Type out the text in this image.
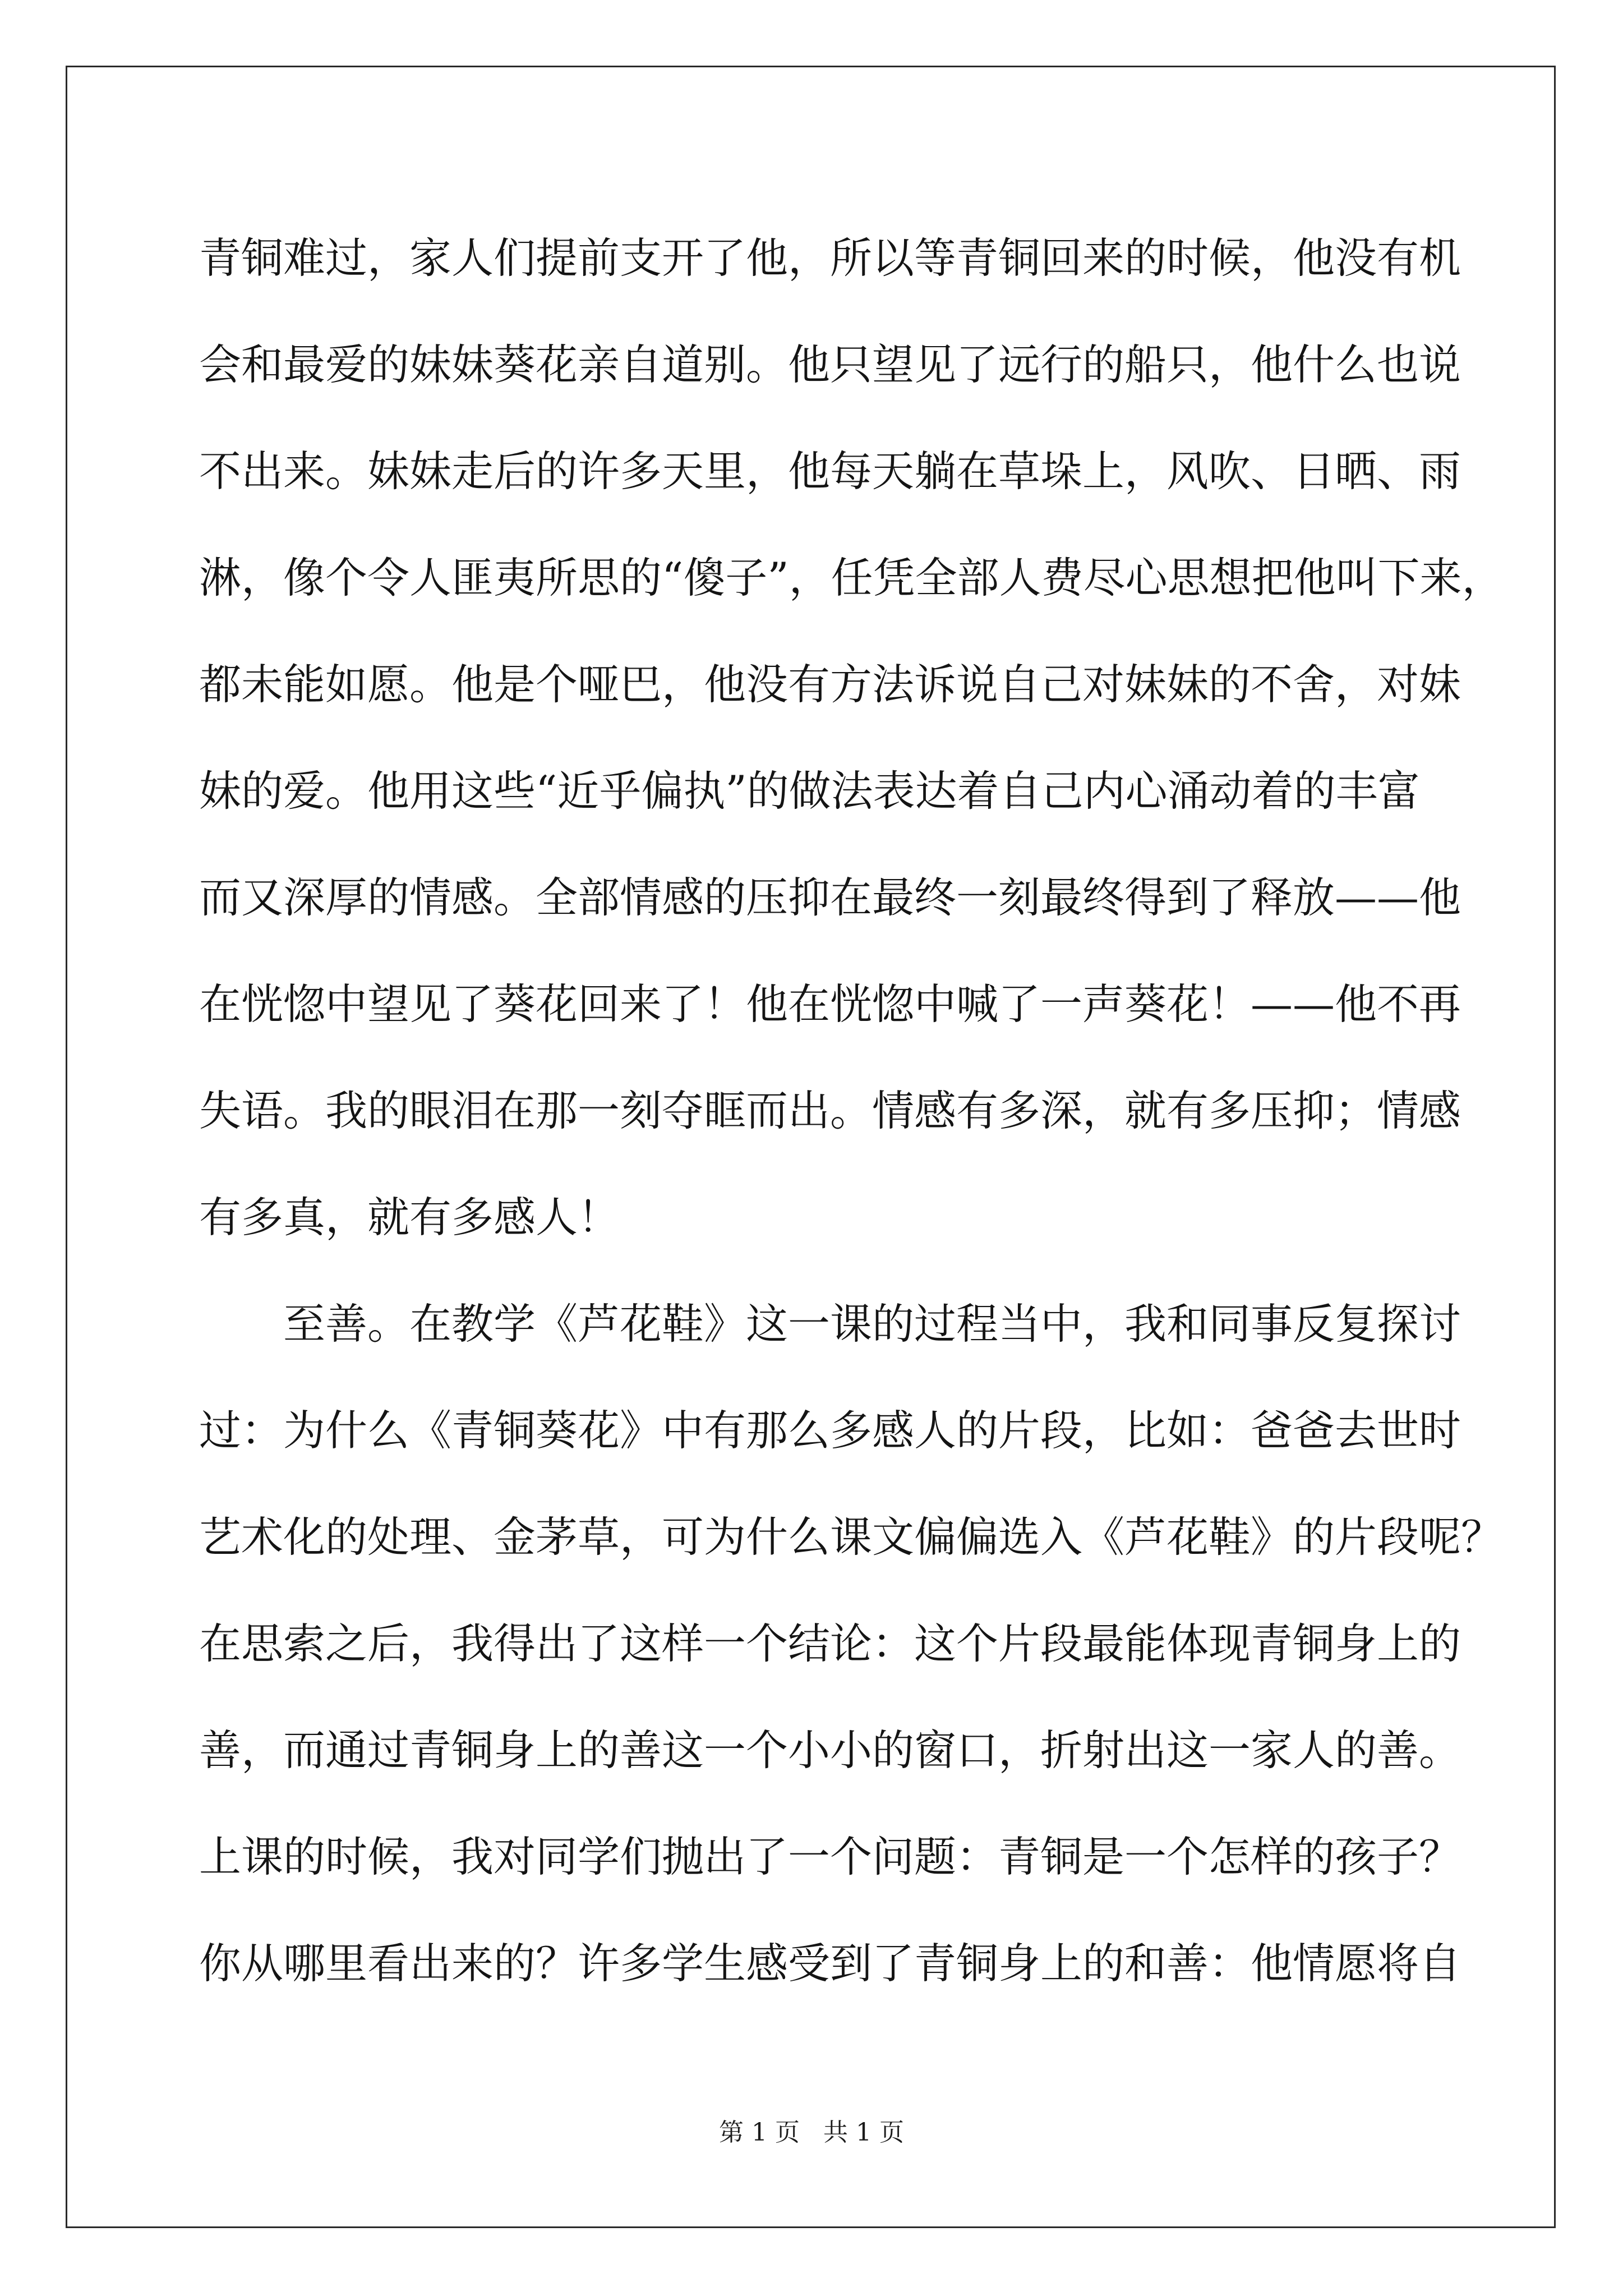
青铜难过，家人们提前支开了他，所以等青铜回来的时候，他没有机
会和最爱的妹妹葵花亲自道别。他只望见了远行的船只，他什么也说
不出来。妹妹走后的许多天里，他每天躺在草垛上，风吹、日晒、雨
淋，像个令人匪夷所思的“傻子”，任凭全部人费尽心思想把他叫下来，
都未能如愿。他是个哑巴，他没有方法诉说自己对妹妹的不舍，对妹
妹的爱。他用这些“近乎偏执”的做法表达着自己内心涌动着的丰富
而又深厚的情感。全部情感的压抑在最终一刻最终得到了释放——他
在恍惚中望见了葵花回来了！他在恍惚中喊了一声葵花！——他不再
失语。我的眼泪在那一刻夺眶而出。情感有多深，就有多压抑；情感
有多真，就有多感人！
至善。在教学《芦花鞋》这一课的过程当中，我和同事反复探讨
过：为什么《青铜葵花》中有那么多感人的片段，比如：爸爸去世时
艺术化的处理、金茅草，可为什么课文偏偏选入《芦花鞋》的片段呢？
在思索之后，我得出了这样一个结论：这个片段最能体现青铜身上的
善，而通过青铜身上的善这一个小小的窗口，折射出这一家人的善。
上课的时候，我对同学们抛出了一个问题：青铜是一个怎样的孩子？
你从哪里看出来的？许多学生感受到了青铜身上的和善：他情愿将自
第 1 页   共 1 页
